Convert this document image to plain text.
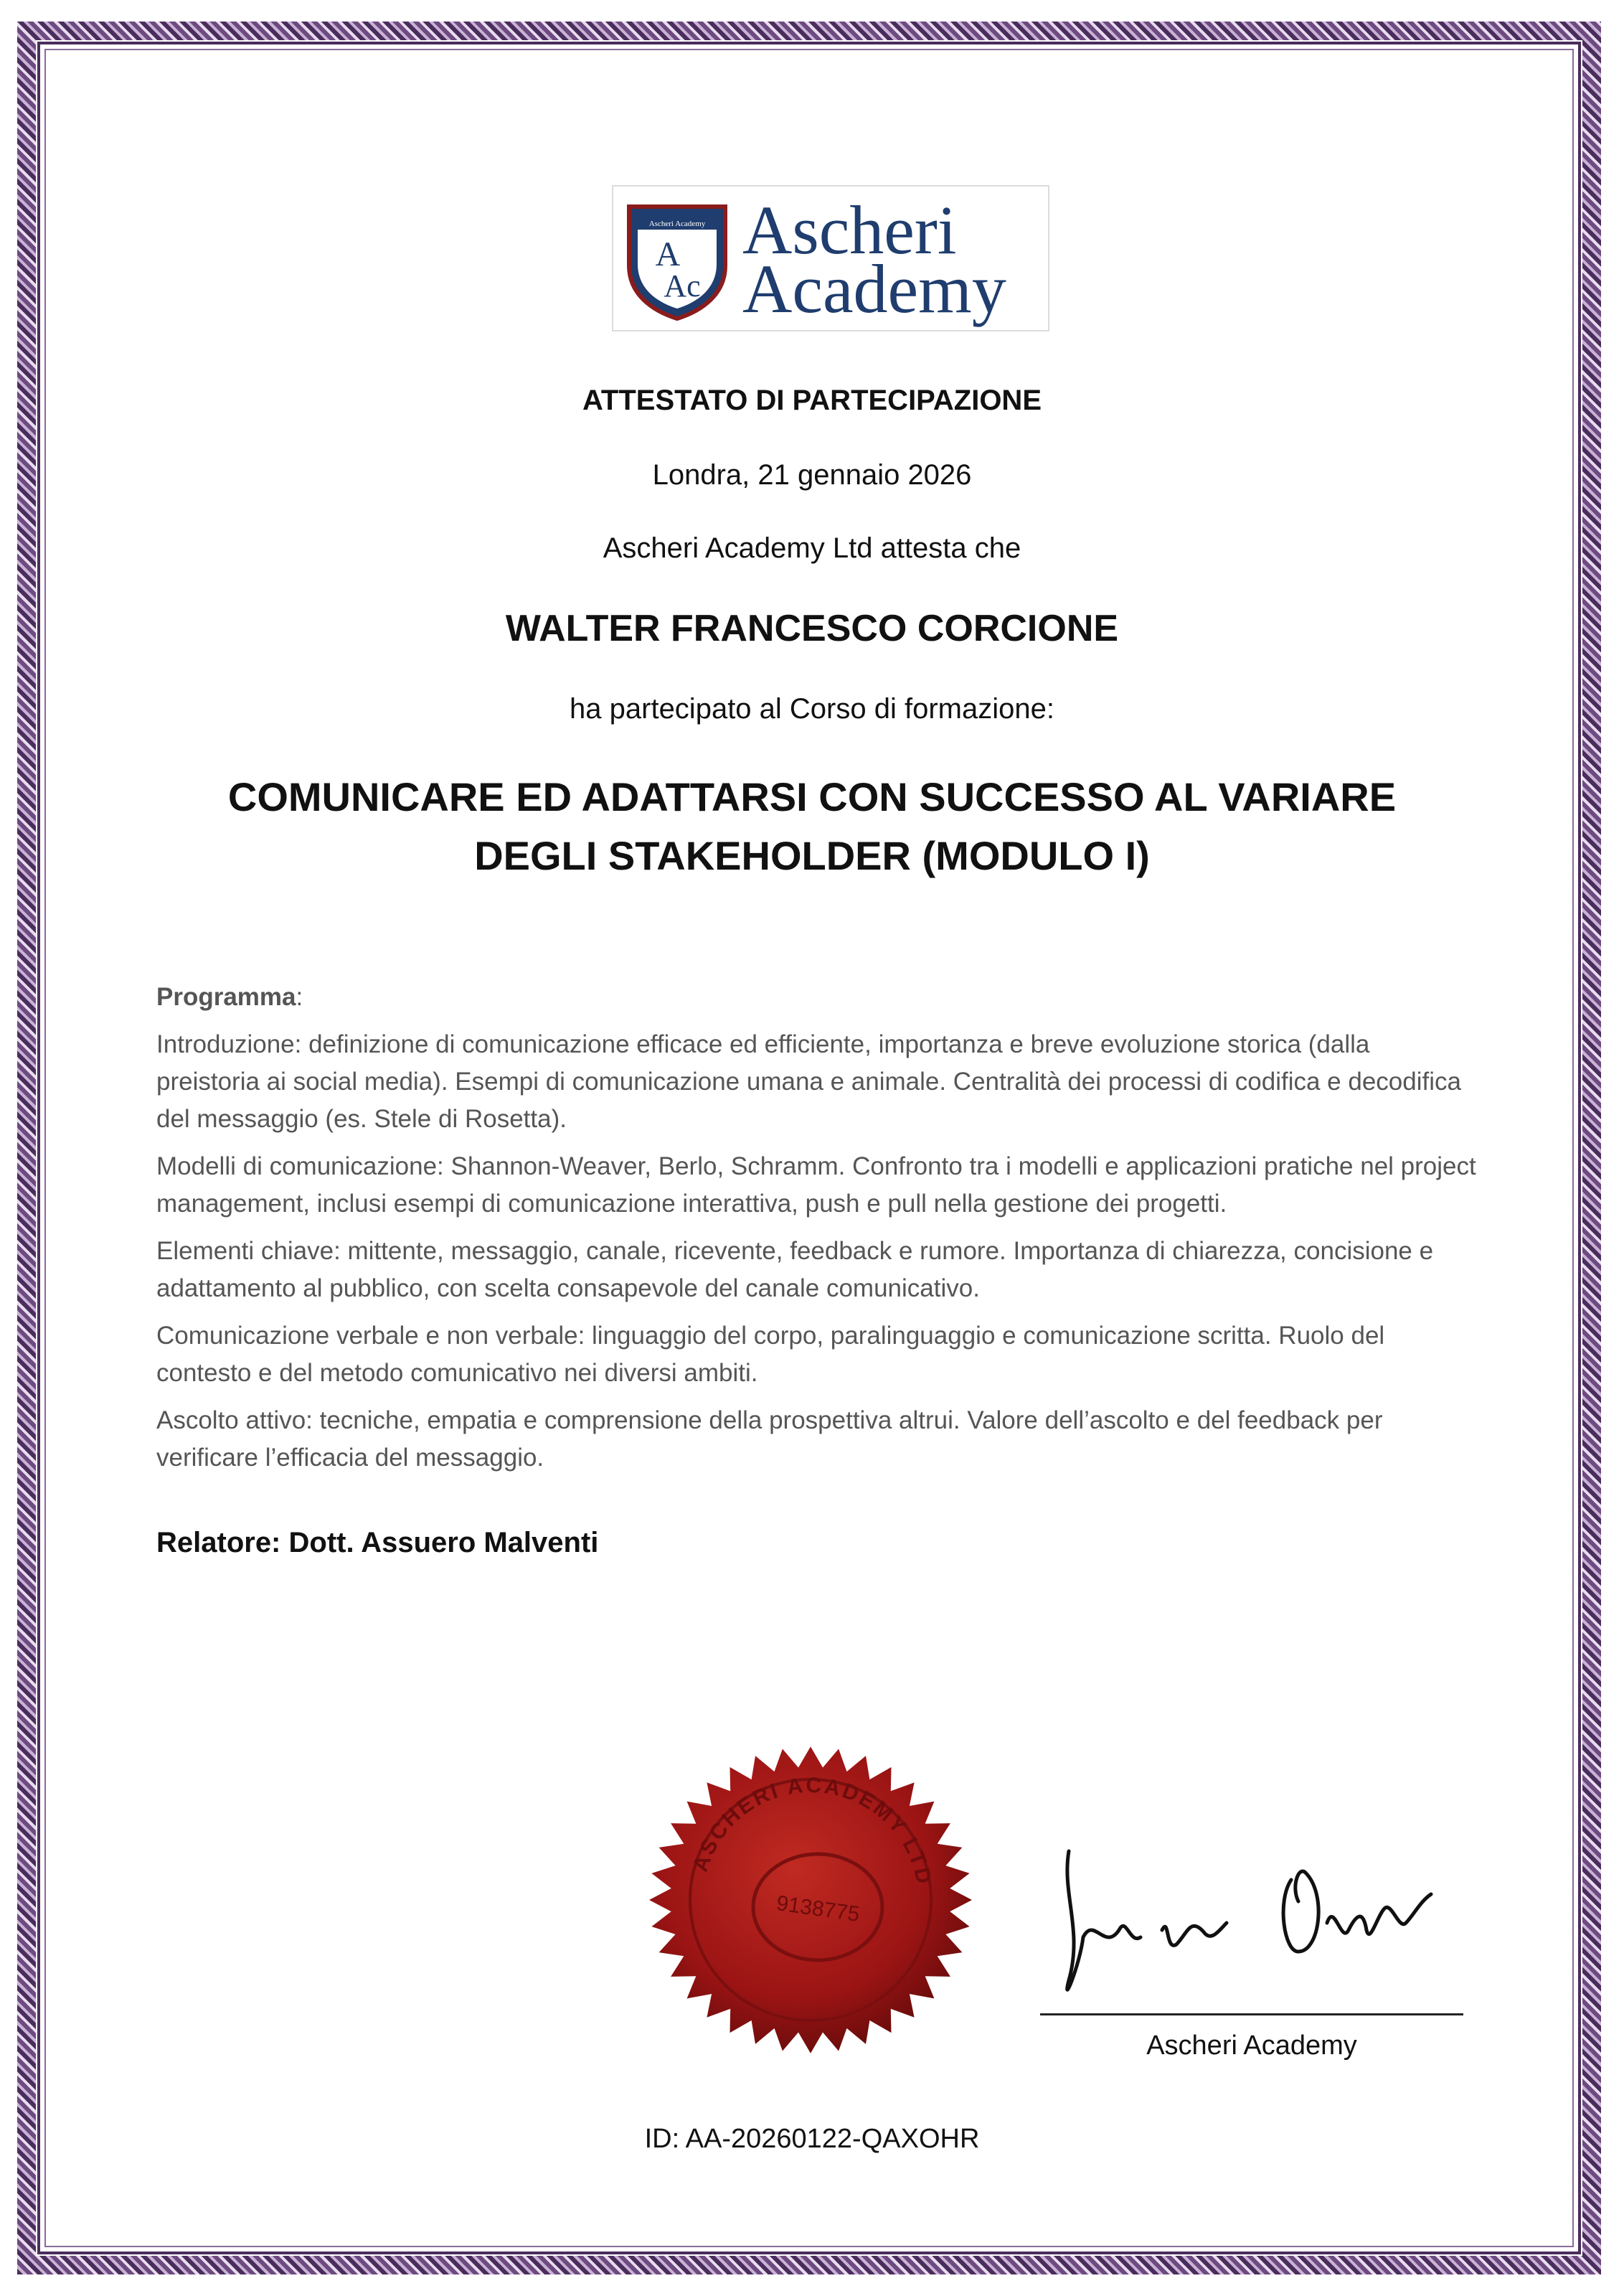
Ascheri Academy
A
Ac
Ascheri
Academy
ATTESTATO DI PARTECIPAZIONE
Londra, 21 gennaio 2026
Ascheri Academy Ltd attesta che
WALTER FRANCESCO CORCIONE
ha partecipato al Corso di formazione:
COMUNICARE ED ADATTARSI CON SUCCESSO AL VARIARE
DEGLI STAKEHOLDER (MODULO I)
Programma:

Introduzione: definizione di comunicazione efficace ed efficiente, importanza e breve evoluzione storica (dalla preistoria ai social media). Esempi di comunicazione umana e animale. Centralità dei processi di codifica e decodifica del messaggio (es. Stele di Rosetta).

Modelli di comunicazione: Shannon-Weaver, Berlo, Schramm. Confronto tra i modelli e applicazioni pratiche nel project management, inclusi esempi di comunicazione interattiva, push e pull nella gestione dei progetti.

Elementi chiave: mittente, messaggio, canale, ricevente, feedback e rumore. Importanza di chiarezza, concisione e adattamento al pubblico, con scelta consapevole del canale comunicativo.

Comunicazione verbale e non verbale: linguaggio del corpo, paralinguaggio e comunicazione scritta. Ruolo del contesto e del metodo comunicativo nei diversi ambiti.

Ascolto attivo: tecniche, empatia e comprensione della prospettiva altrui. Valore dell’ascolto e del feedback per verificare l’efficacia del messaggio.

Relatore: Dott. Assuero Malventi
ASCHERI ACADEMY LTD
9138775
Ascheri Academy
ID: AA-20260122-QAXOHR
